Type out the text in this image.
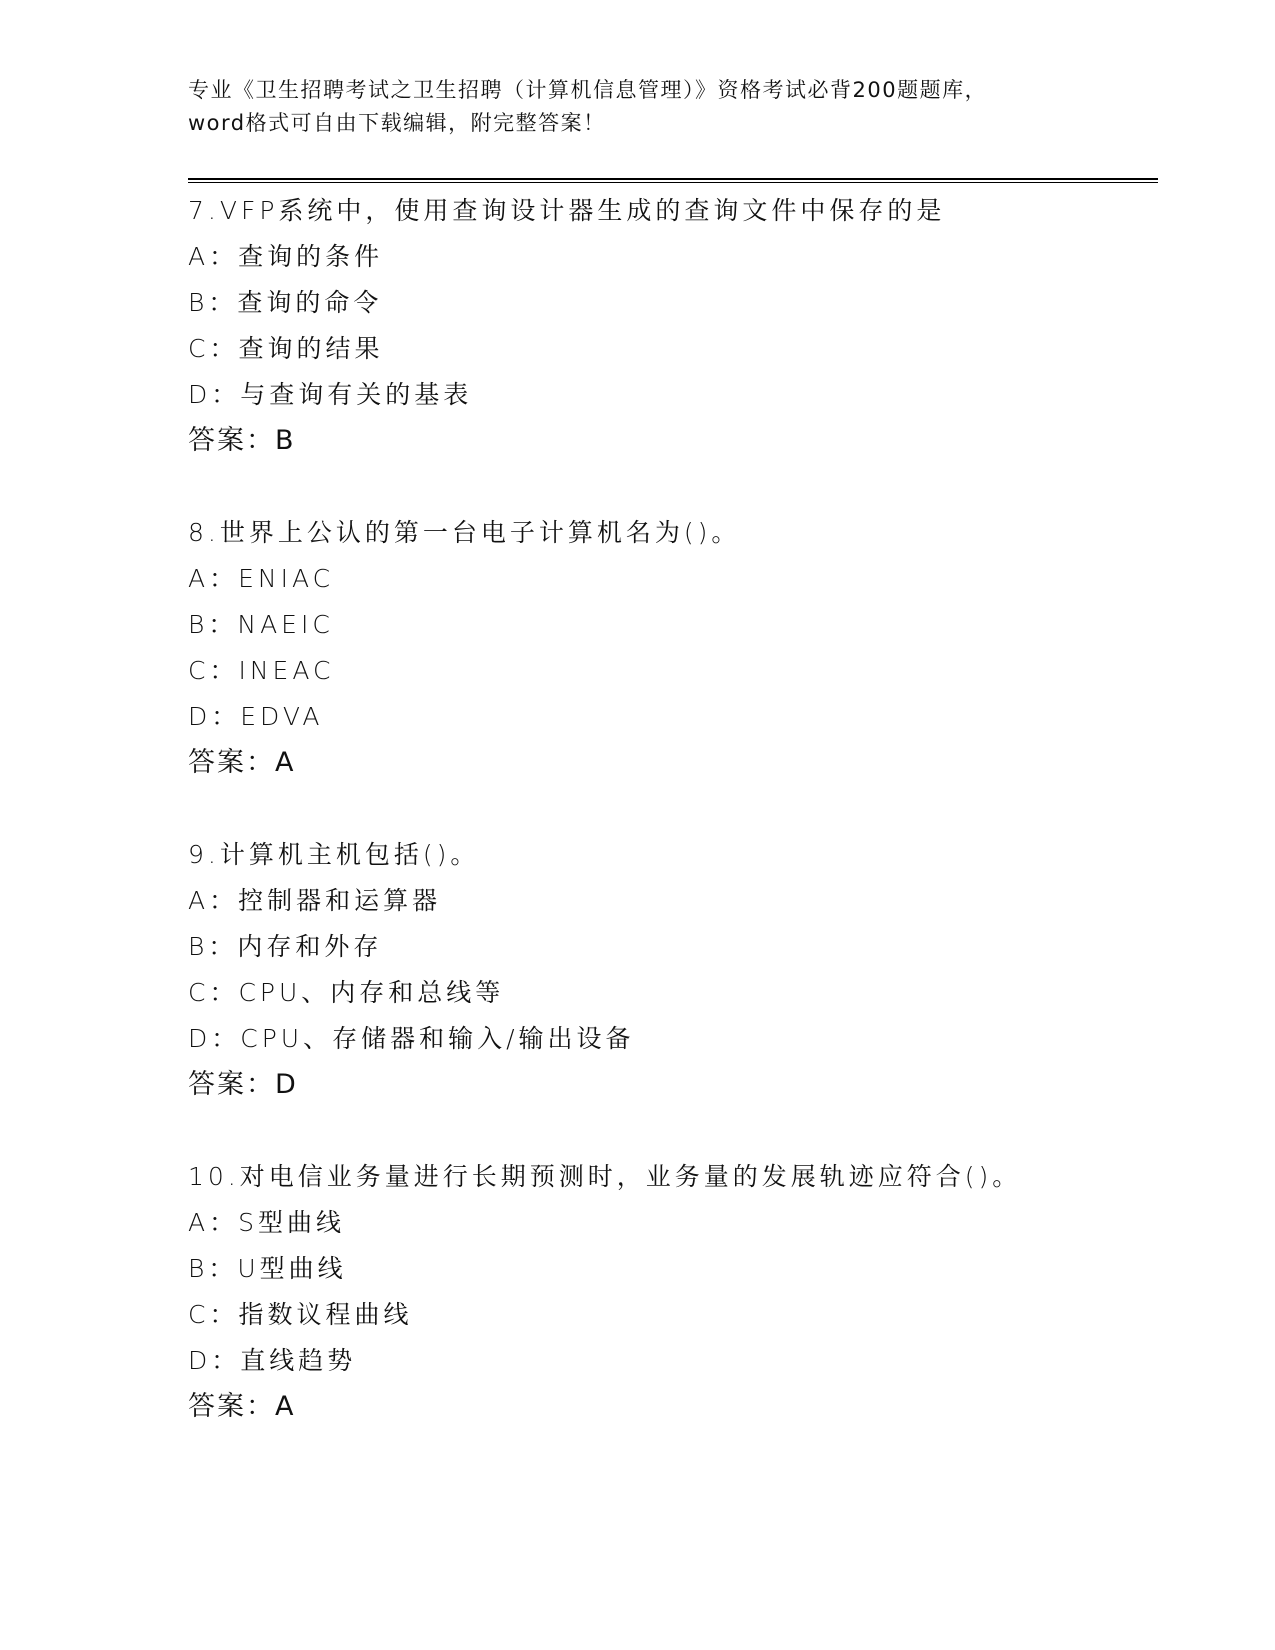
专业《卫生招聘考试之卫生招聘（计算机信息管理）》资格考试必背200题题库，
word格式可自由下载编辑，附完整答案！
7.VFP系统中，使用查询设计器生成的查询文件中保存的是
A：查询的条件
B：查询的命令
C：查询的结果
D：与查询有关的基表
答案：B
8.世界上公认的第一台电子计算机名为()。
A：ENIAC
B：NAEIC
C：INEAC
D：EDVA
答案：A
9.计算机主机包括()。
A：控制器和运算器
B：内存和外存
C：CPU、内存和总线等
D：CPU、存储器和输入/输出设备
答案：D
10.对电信业务量进行长期预测时，业务量的发展轨迹应符合()。
A：S型曲线
B：U型曲线
C：指数议程曲线
D：直线趋势
答案：A
